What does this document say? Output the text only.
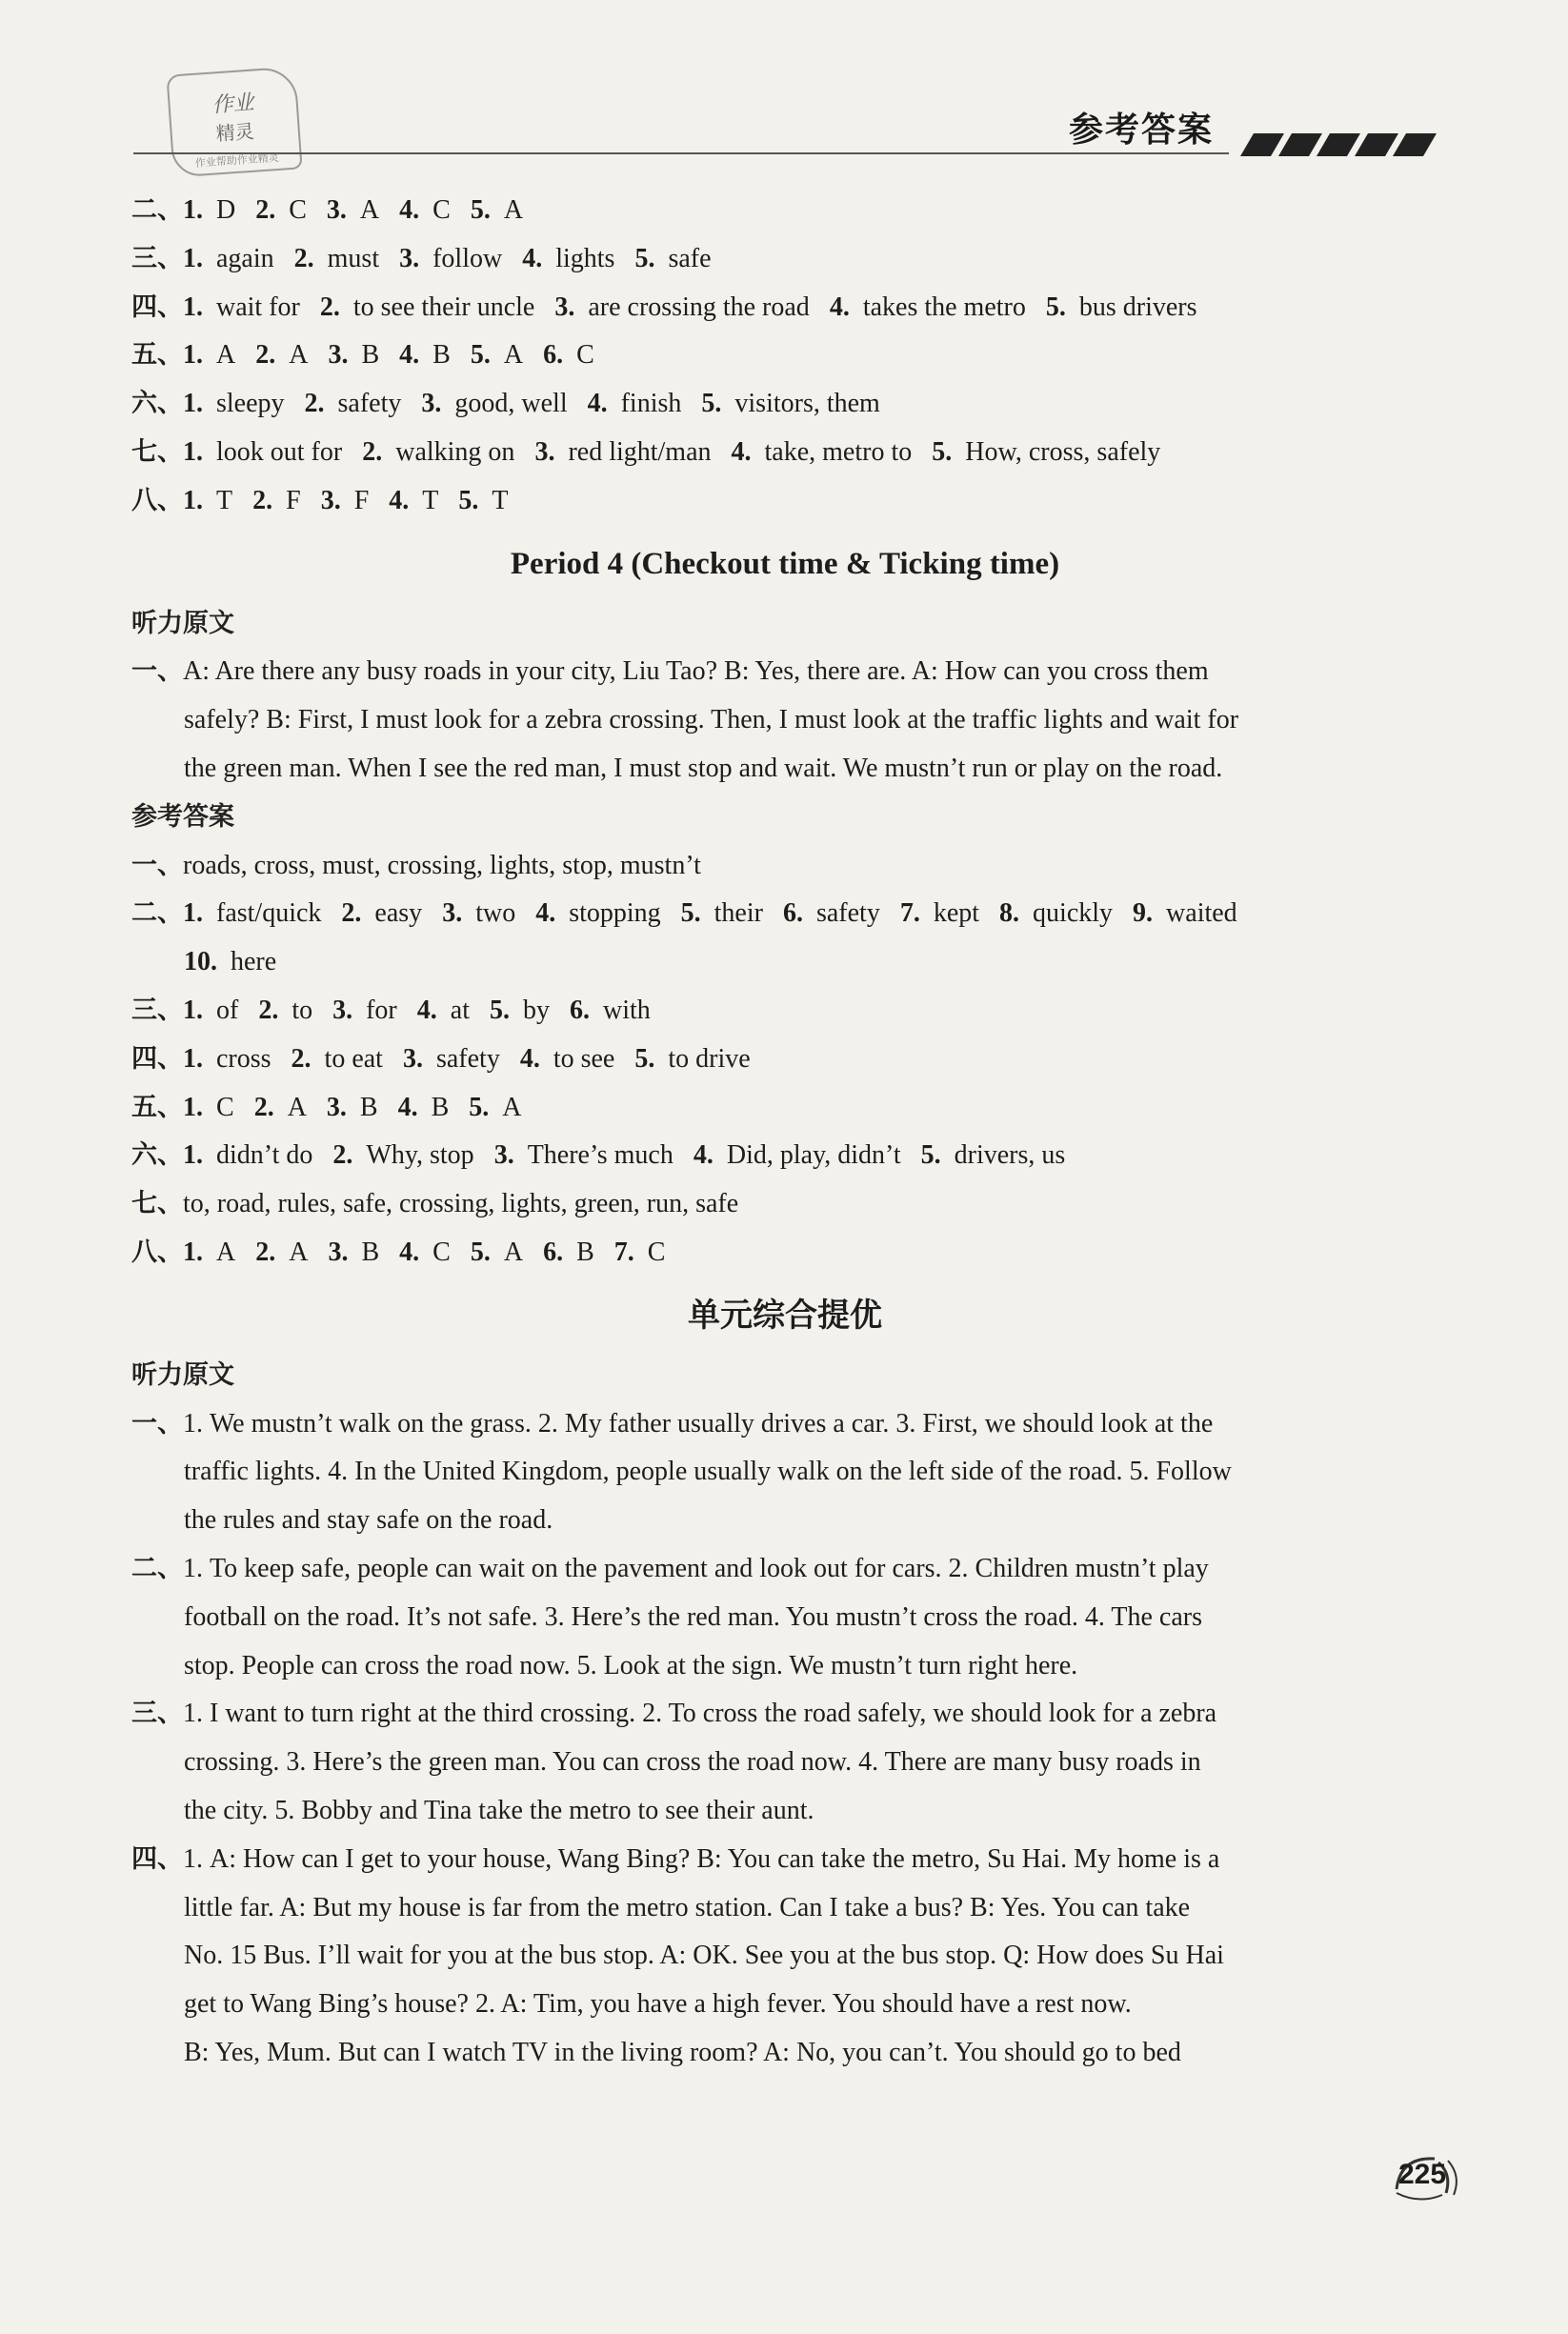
作业
精灵
作业帮助作业精灵
参考答案
二、1. D 2. C 3. A 4. C 5. A
三、1. again 2. must 3. follow 4. lights 5. safe
四、1. wait for 2. to see their uncle 3. are crossing the road 4. takes the metro 5. bus drivers
五、1. A 2. A 3. B 4. B 5. A 6. C
六、1. sleepy 2. safety 3. good, well 4. finish 5. visitors, them
七、1. look out for 2. walking on 3. red light/man 4. take, metro to 5. How, cross, safely
八、1. T 2. F 3. F 4. T 5. T
Period 4 (Checkout time & Ticking time)
听力原文
一、A: Are there any busy roads in your city, Liu Tao? B: Yes, there are. A: How can you cross them
safely? B: First, I must look for a zebra crossing. Then, I must look at the traffic lights and wait for
the green man. When I see the red man, I must stop and wait. We mustn’t run or play on the road.
参考答案
一、roads, cross, must, crossing, lights, stop, mustn’t
二、1. fast/quick 2. easy 3. two 4. stopping 5. their 6. safety 7. kept 8. quickly 9. waited
10. here
三、1. of 2. to 3. for 4. at 5. by 6. with
四、1. cross 2. to eat 3. safety 4. to see 5. to drive
五、1. C 2. A 3. B 4. B 5. A
六、1. didn’t do 2. Why, stop 3. There’s much 4. Did, play, didn’t 5. drivers, us
七、to, road, rules, safe, crossing, lights, green, run, safe
八、1. A 2. A 3. B 4. C 5. A 6. B 7. C
单元综合提优
听力原文
一、1. We mustn’t walk on the grass. 2. My father usually drives a car. 3. First, we should look at the
traffic lights. 4. In the United Kingdom, people usually walk on the left side of the road. 5. Follow
the rules and stay safe on the road.
二、1. To keep safe, people can wait on the pavement and look out for cars. 2. Children mustn’t play
football on the road. It’s not safe. 3. Here’s the red man. You mustn’t cross the road. 4. The cars
stop. People can cross the road now. 5. Look at the sign. We mustn’t turn right here.
三、1. I want to turn right at the third crossing. 2. To cross the road safely, we should look for a zebra
crossing. 3. Here’s the green man. You can cross the road now. 4. There are many busy roads in
the city. 5. Bobby and Tina take the metro to see their aunt.
四、1. A: How can I get to your house, Wang Bing? B: You can take the metro, Su Hai. My home is a
little far. A: But my house is far from the metro station. Can I take a bus? B: Yes. You can take
No. 15 Bus. I’ll wait for you at the bus stop. A: OK. See you at the bus stop. Q: How does Su Hai
get to Wang Bing’s house? 2. A: Tim, you have a high fever. You should have a rest now.
B: Yes, Mum. But can I watch TV in the living room? A: No, you can’t. You should go to bed
225
